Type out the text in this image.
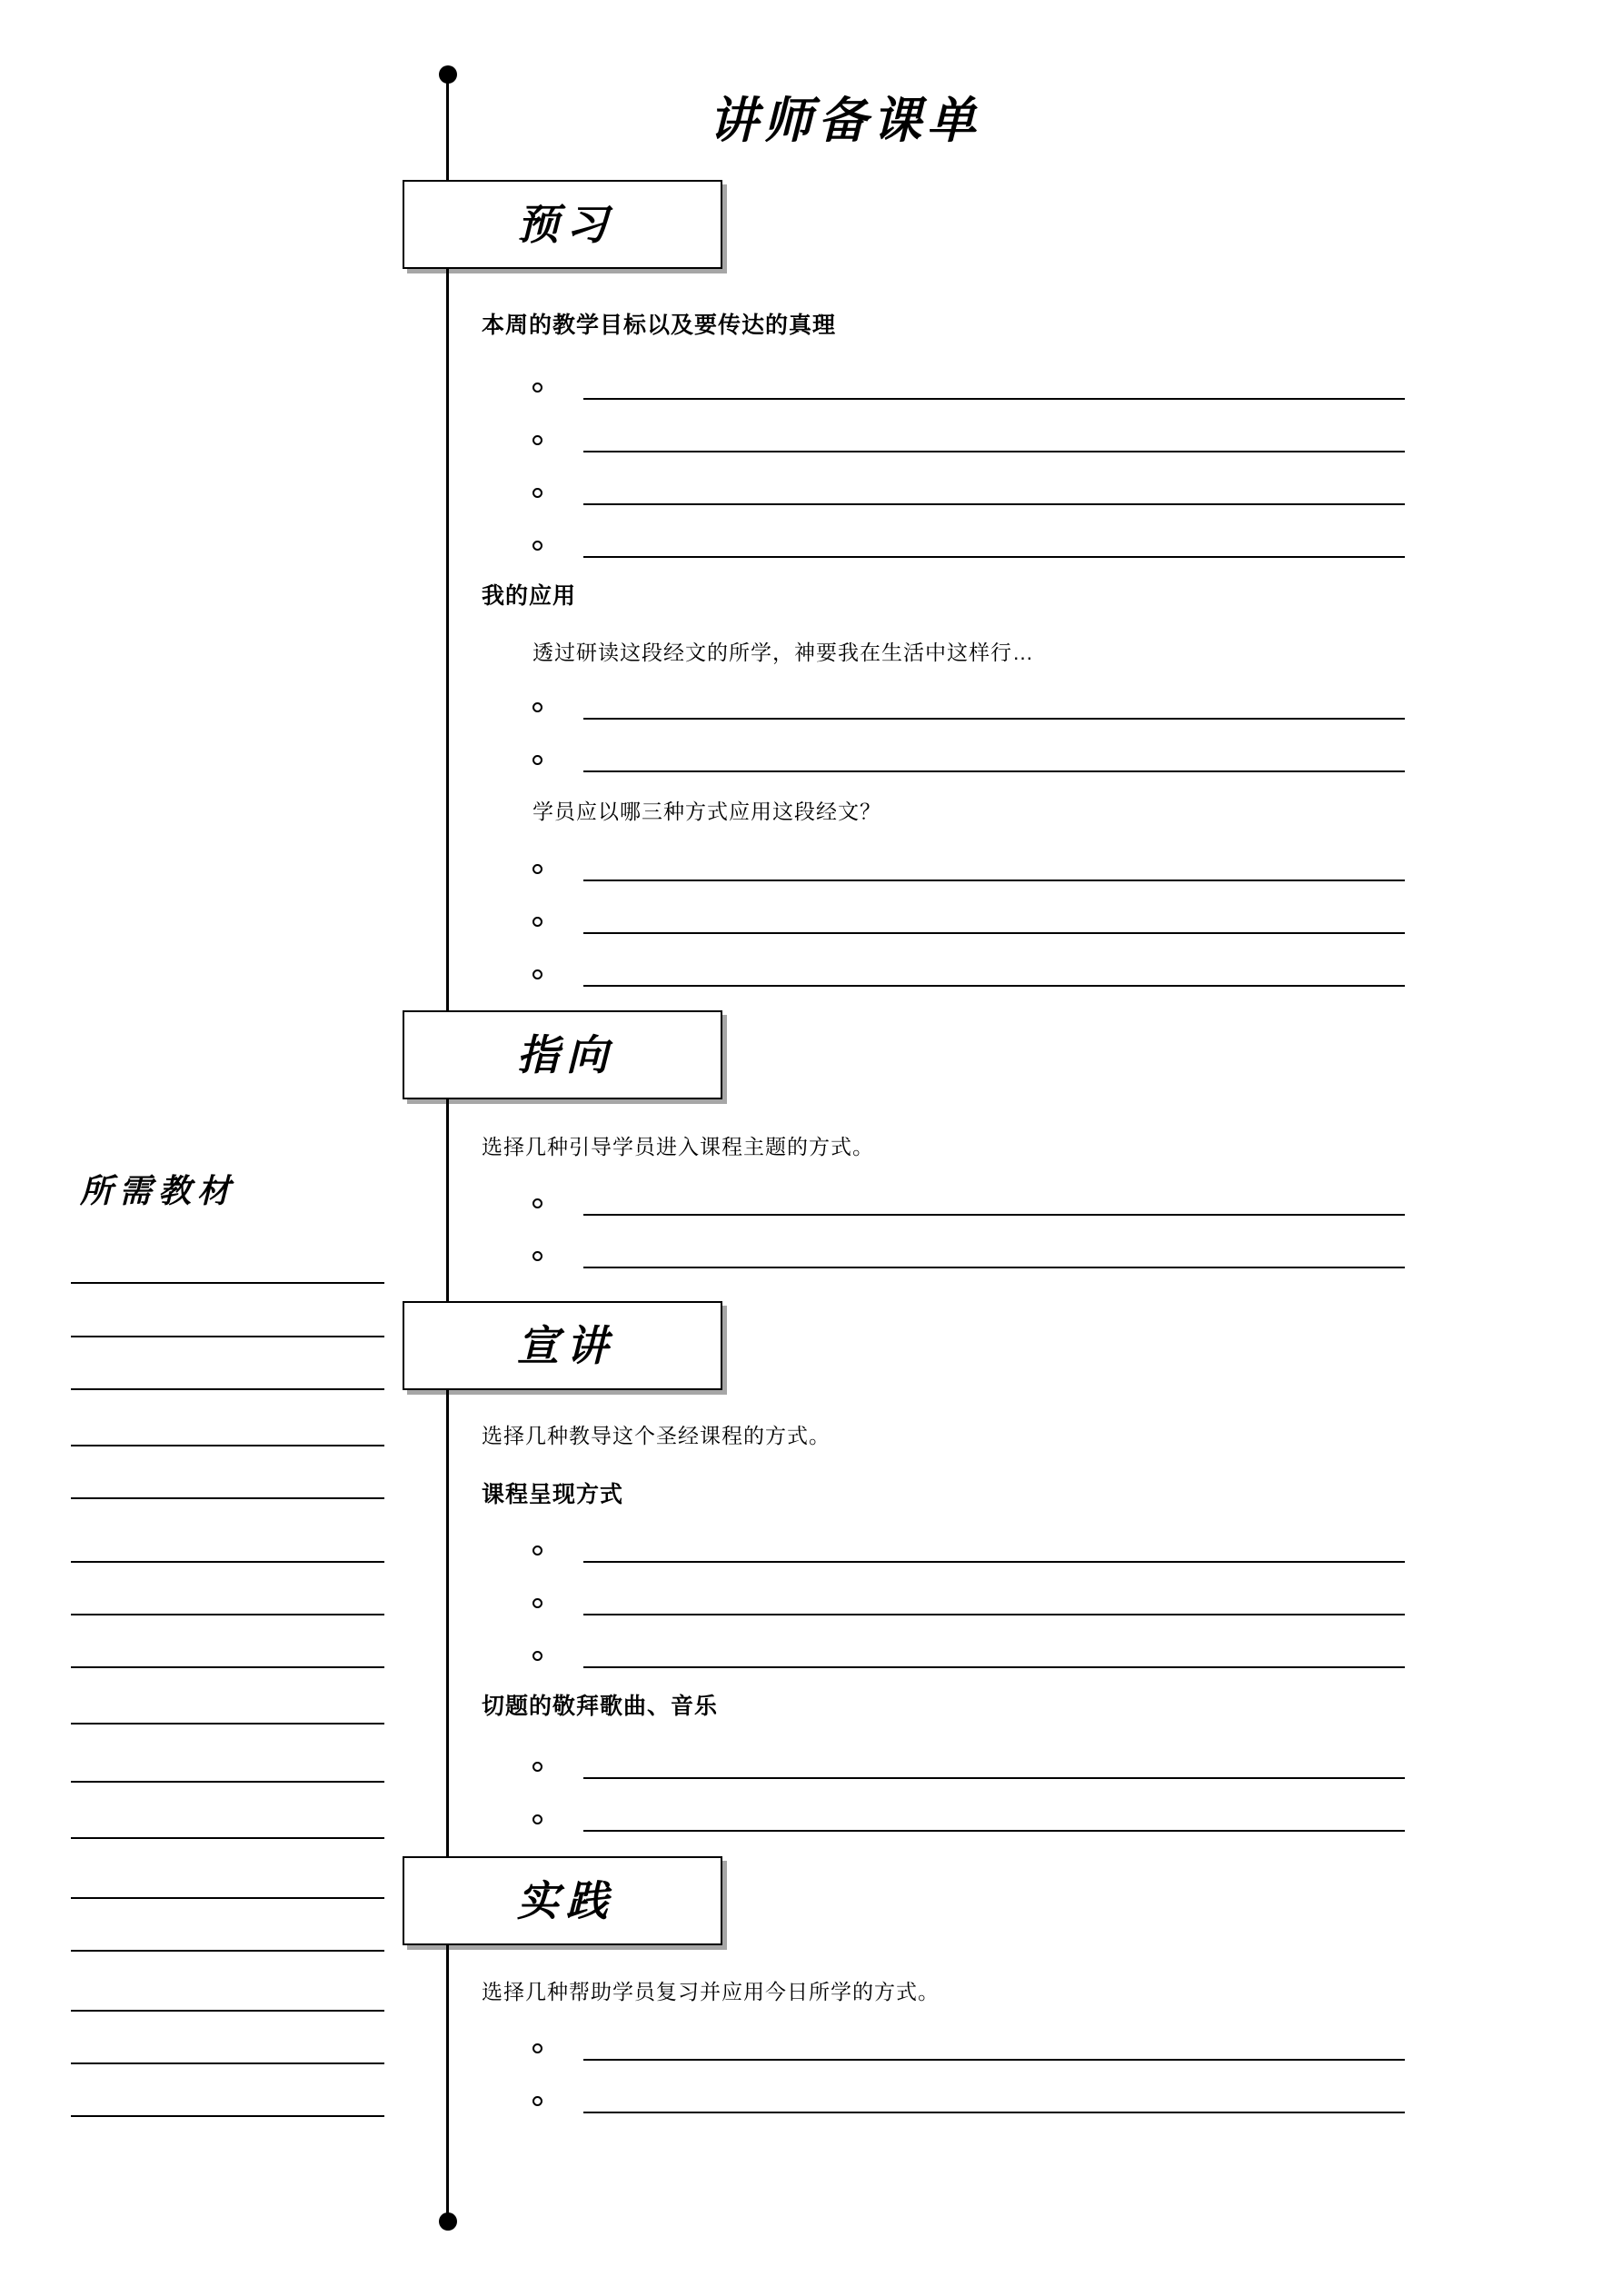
讲师备课单
预习
本周的教学目标以及要传达的真理
我的应用
透过研读这段经文的所学，神要我在生活中这样行…
学员应以哪三种方式应用这段经文？
指向
选择几种引导学员进入课程主题的方式。
宣讲
选择几种教导这个圣经课程的方式。
课程呈现方式
切题的敬拜歌曲、音乐
实践
选择几种帮助学员复习并应用今日所学的方式。
所需教材
